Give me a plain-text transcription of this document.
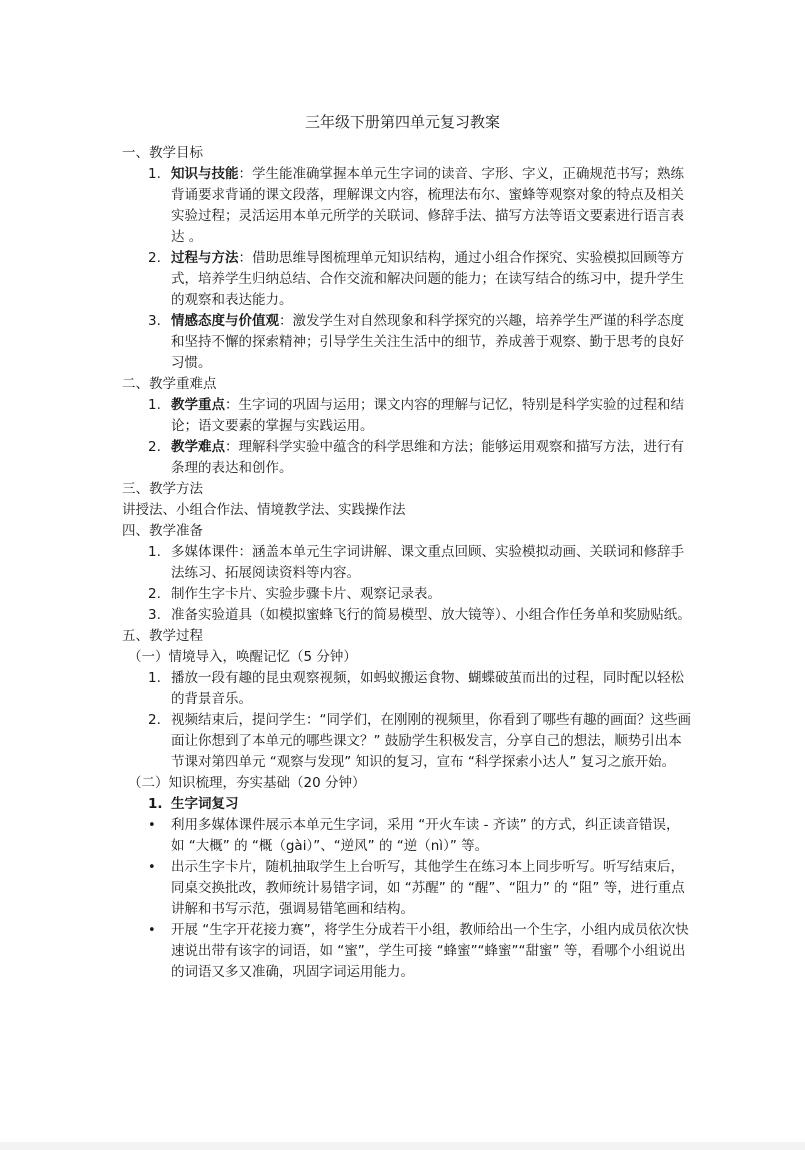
三年级下册第四单元复习教案

一、教学目标

1. 知识与技能：学生能准确掌握本单元生字词的读音、字形、字义，正确规范书写；熟练背诵要求背诵的课文段落，理解课文内容，梳理法布尔、蜜蜂等观察对象的特点及相关实验过程；灵活运用本单元所学的关联词、修辞手法、描写方法等语文要素进行语言表达 。
2. 过程与方法：借助思维导图梳理单元知识结构，通过小组合作探究、实验模拟回顾等方式，培养学生归纳总结、合作交流和解决问题的能力；在读写结合的练习中，提升学生的观察和表达能力。
3. 情感态度与价值观：激发学生对自然现象和科学探究的兴趣，培养学生严谨的科学态度和坚持不懈的探索精神；引导学生关注生活中的细节，养成善于观察、勤于思考的良好习惯。

二、教学重难点

1. 教学重点：生字词的巩固与运用；课文内容的理解与记忆，特别是科学实验的过程和结论；语文要素的掌握与实践运用。
2. 教学难点：理解科学实验中蕴含的科学思维和方法；能够运用观察和描写方法，进行有条理的表达和创作。

三、教学方法

讲授法、小组合作法、情境教学法、实践操作法

四、教学准备

1. 多媒体课件：涵盖本单元生字词讲解、课文重点回顾、实验模拟动画、关联词和修辞手法练习、拓展阅读资料等内容。
2. 制作生字卡片、实验步骤卡片、观察记录表。
3. 准备实验道具（如模拟蜜蜂飞行的简易模型、放大镜等）、小组合作任务单和奖励贴纸。

五、教学过程

（一）情境导入，唤醒记忆（5 分钟）

1. 播放一段有趣的昆虫观察视频，如蚂蚁搬运食物、蝴蝶破茧而出的过程，同时配以轻松的背景音乐。
2. 视频结束后，提问学生：“同学们，在刚刚的视频里，你看到了哪些有趣的画面？这些画面让你想到了本单元的哪些课文？” 鼓励学生积极发言，分享自己的想法，顺势引出本节课对第四单元 “观察与发现” 知识的复习，宣布 “科学探索小达人” 复习之旅开始。

（二）知识梳理，夯实基础（20 分钟）

1. 生字词复习
•	利用多媒体课件展示本单元生字词，采用 “开火车读 - 齐读” 的方式，纠正读音错误，如 “大概” 的 “概（gài）”、“逆风” 的 “逆（nì）” 等。
•	出示生字卡片，随机抽取学生上台听写，其他学生在练习本上同步听写。听写结束后，同桌交换批改，教师统计易错字词，如 “苏醒” 的 “醒”、“阻力” 的 “阻” 等，进行重点讲解和书写示范，强调易错笔画和结构。
•	开展 “生字开花接力赛”，将学生分成若干小组，教师给出一个生字，小组内成员依次快速说出带有该字的词语，如 “蜜”，学生可接 “蜂蜜”“蜂蜜”“甜蜜” 等，看哪个小组说出的词语又多又准确，巩固字词运用能力。
